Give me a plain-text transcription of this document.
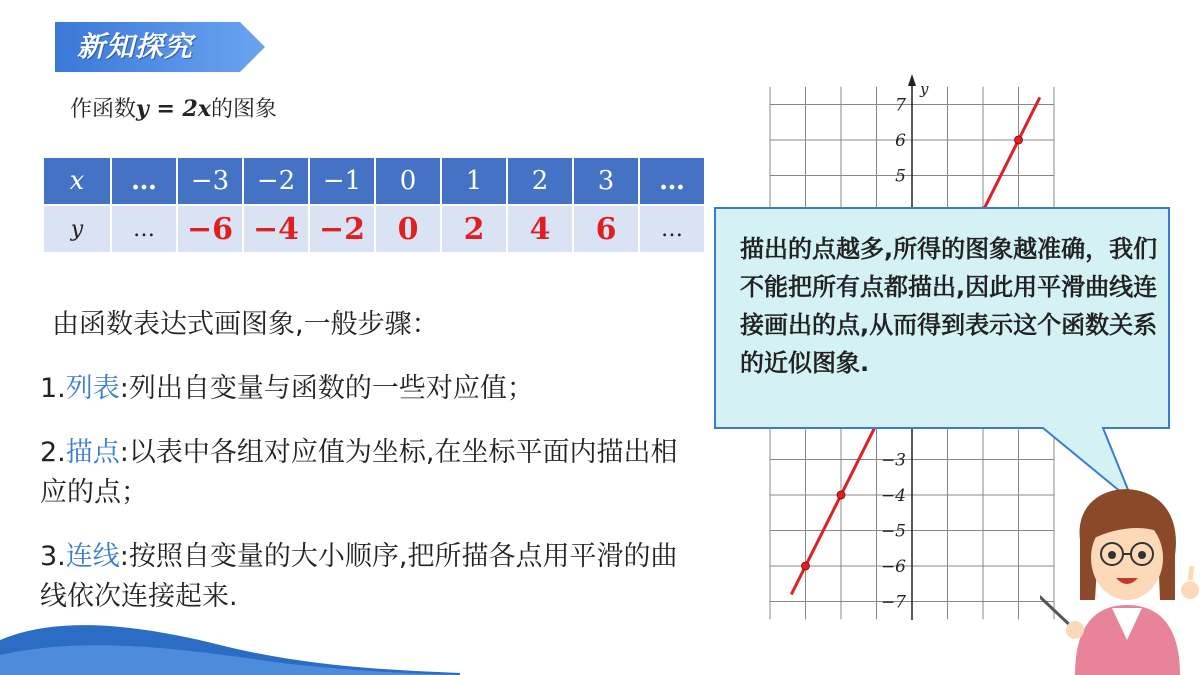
新知探究
作函数y = 2x的图象
x	…	−3	−2	−1	0	1	2	3	…
y	…	−6	−4	−2	0	2	4	6	…
由函数表达式画图象,一般步骤：
1.列表:列出自变量与函数的一些对应值；
2.描点:以表中各组对应值为坐标,在坐标平面内描出相应的点；
3.连线:按照自变量的大小顺序,把所描各点用平滑的曲线依次连接起来.
y
7
6
5
−3
−4
−5
−6
−7
描出的点越多,所得的图象越准确，我们不能把所有点都描出,因此用平滑曲线连接画出的点,从而得到表示这个函数关系的近似图象.
